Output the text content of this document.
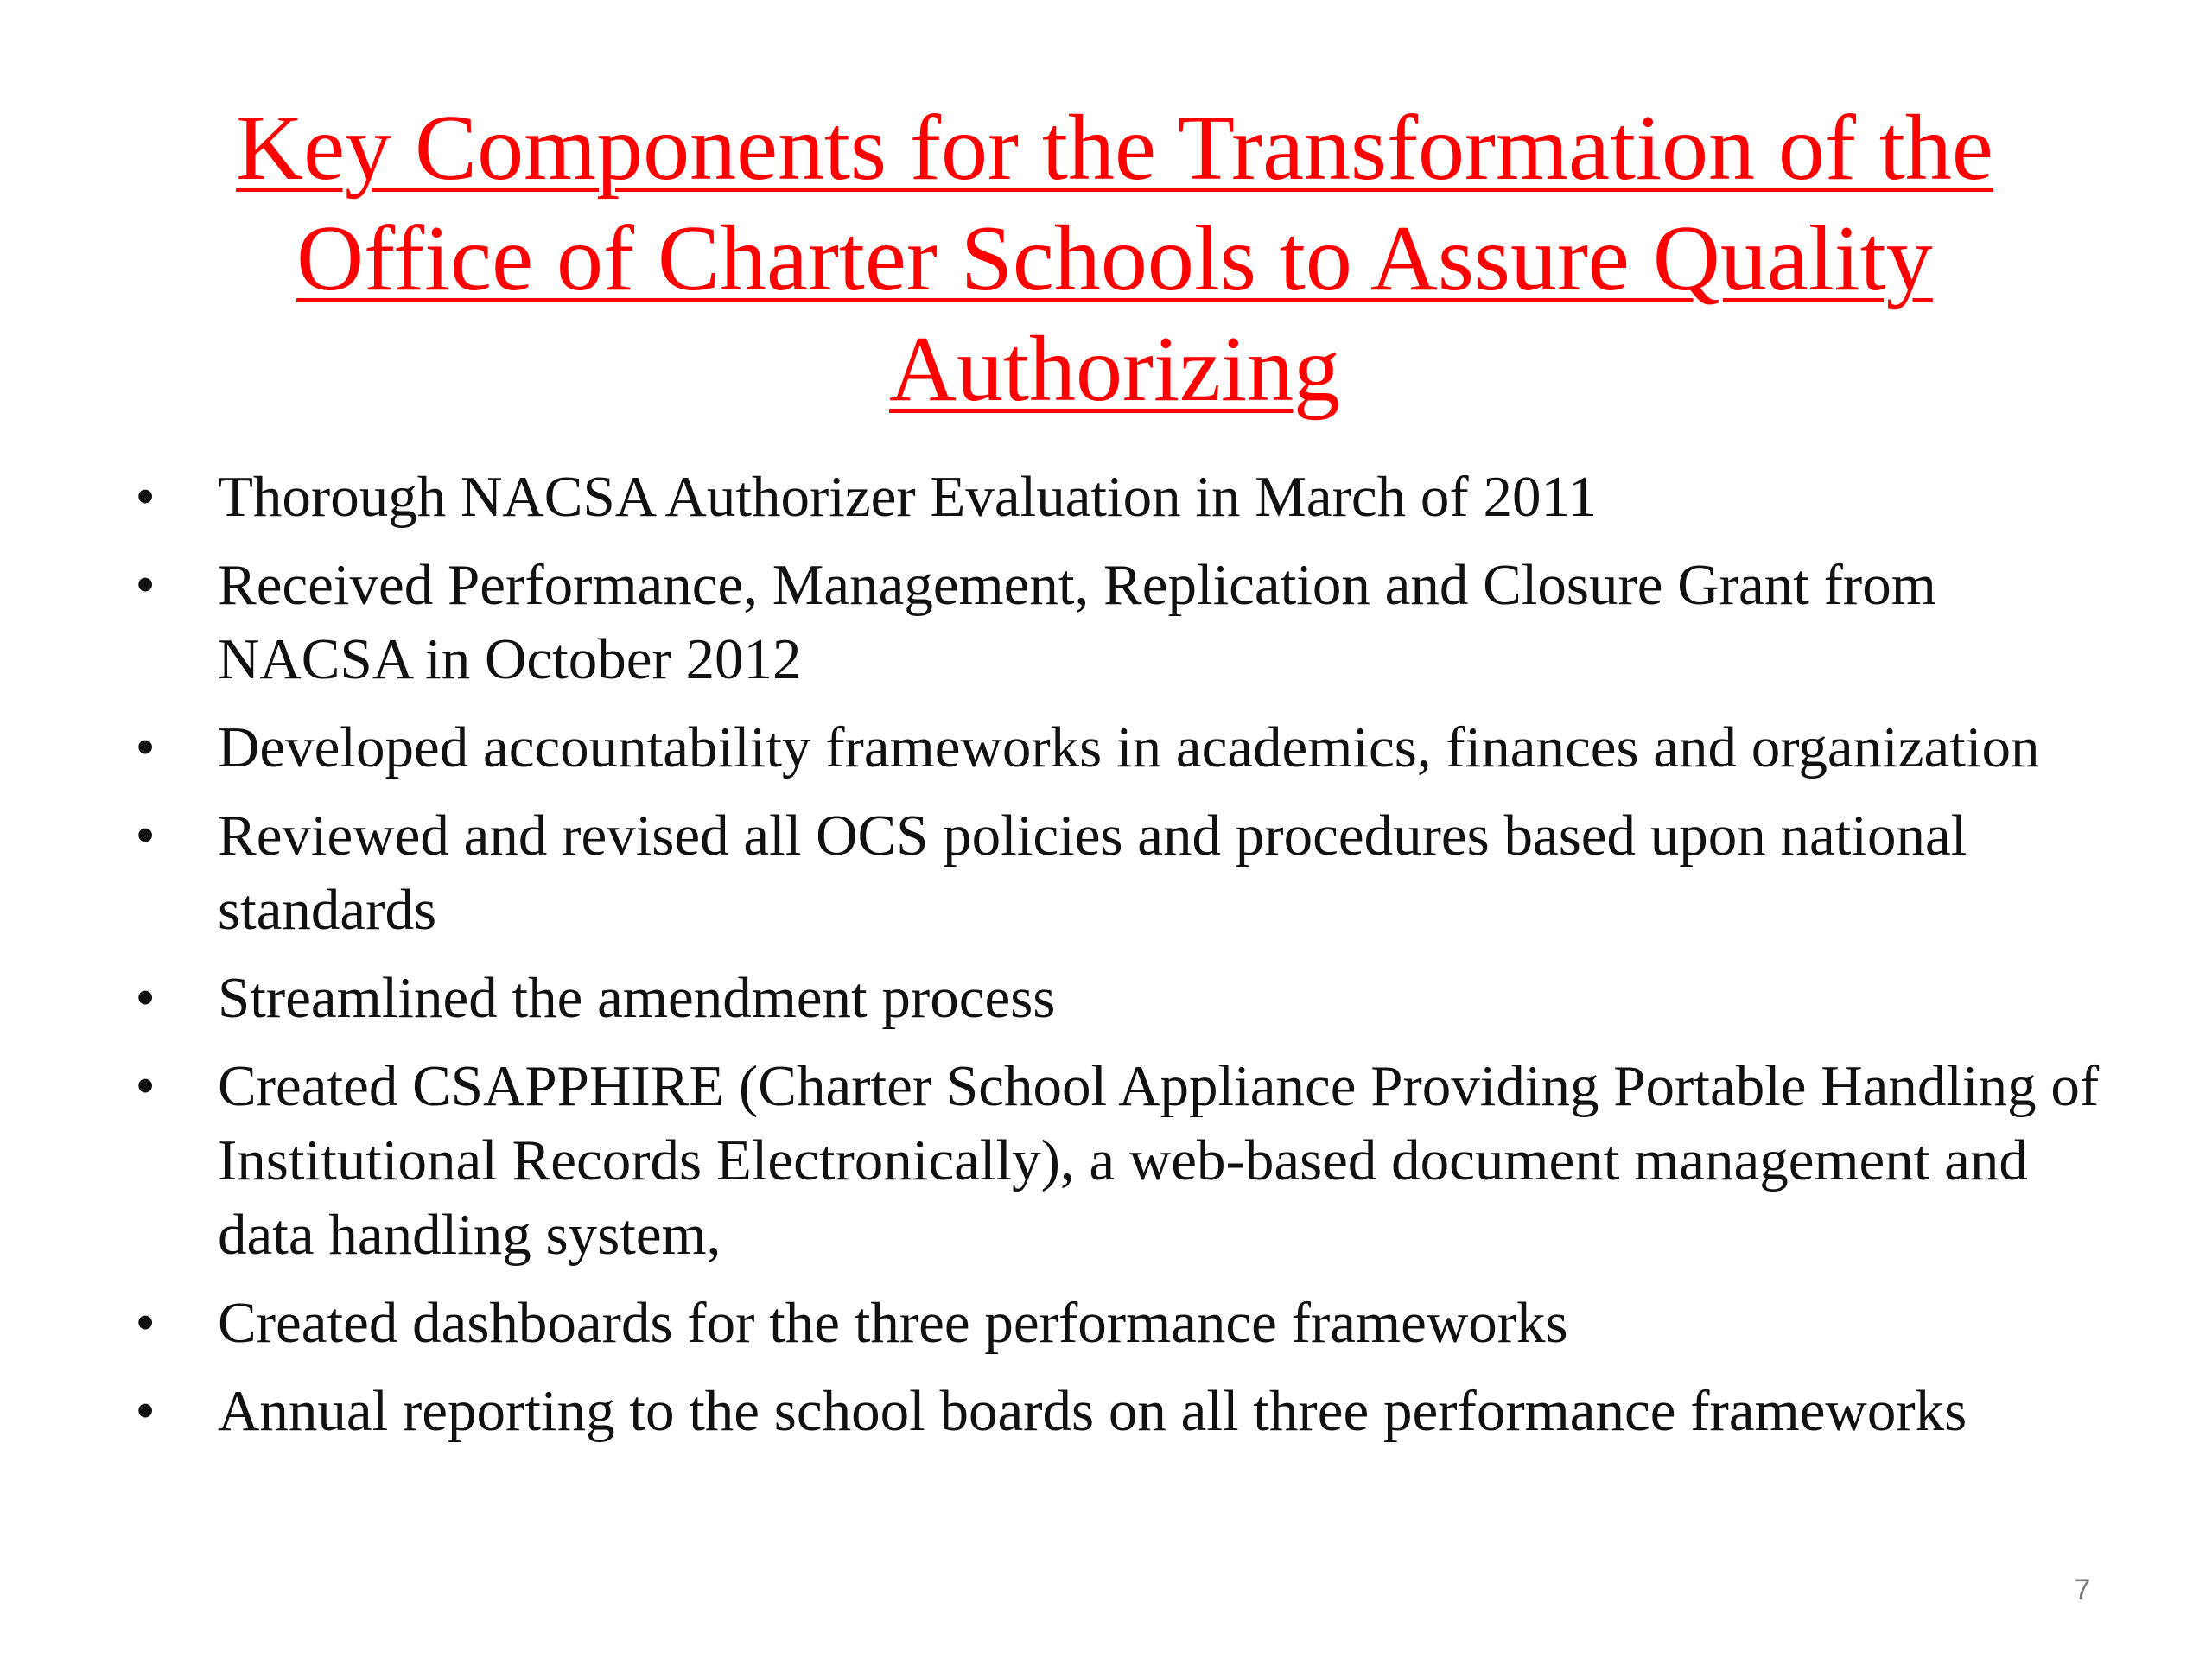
Key Components for the Transformation of the
Office of Charter Schools to Assure Quality
Authorizing
• Thorough NACSA Authorizer Evaluation in March of 2011
• Received Performance, Management, Replication and Closure Grant from NACSA in October 2012
• Developed accountability frameworks in academics, finances and organization
• Reviewed and revised all OCS policies and procedures based upon national standards
• Streamlined the amendment process
• Created CSAPPHIRE (Charter School Appliance Providing Portable Handling of Institutional Records Electronically), a web-based document management and data handling system,
• Created dashboards for the three performance frameworks
• Annual reporting to the school boards on all three performance frameworks
7
